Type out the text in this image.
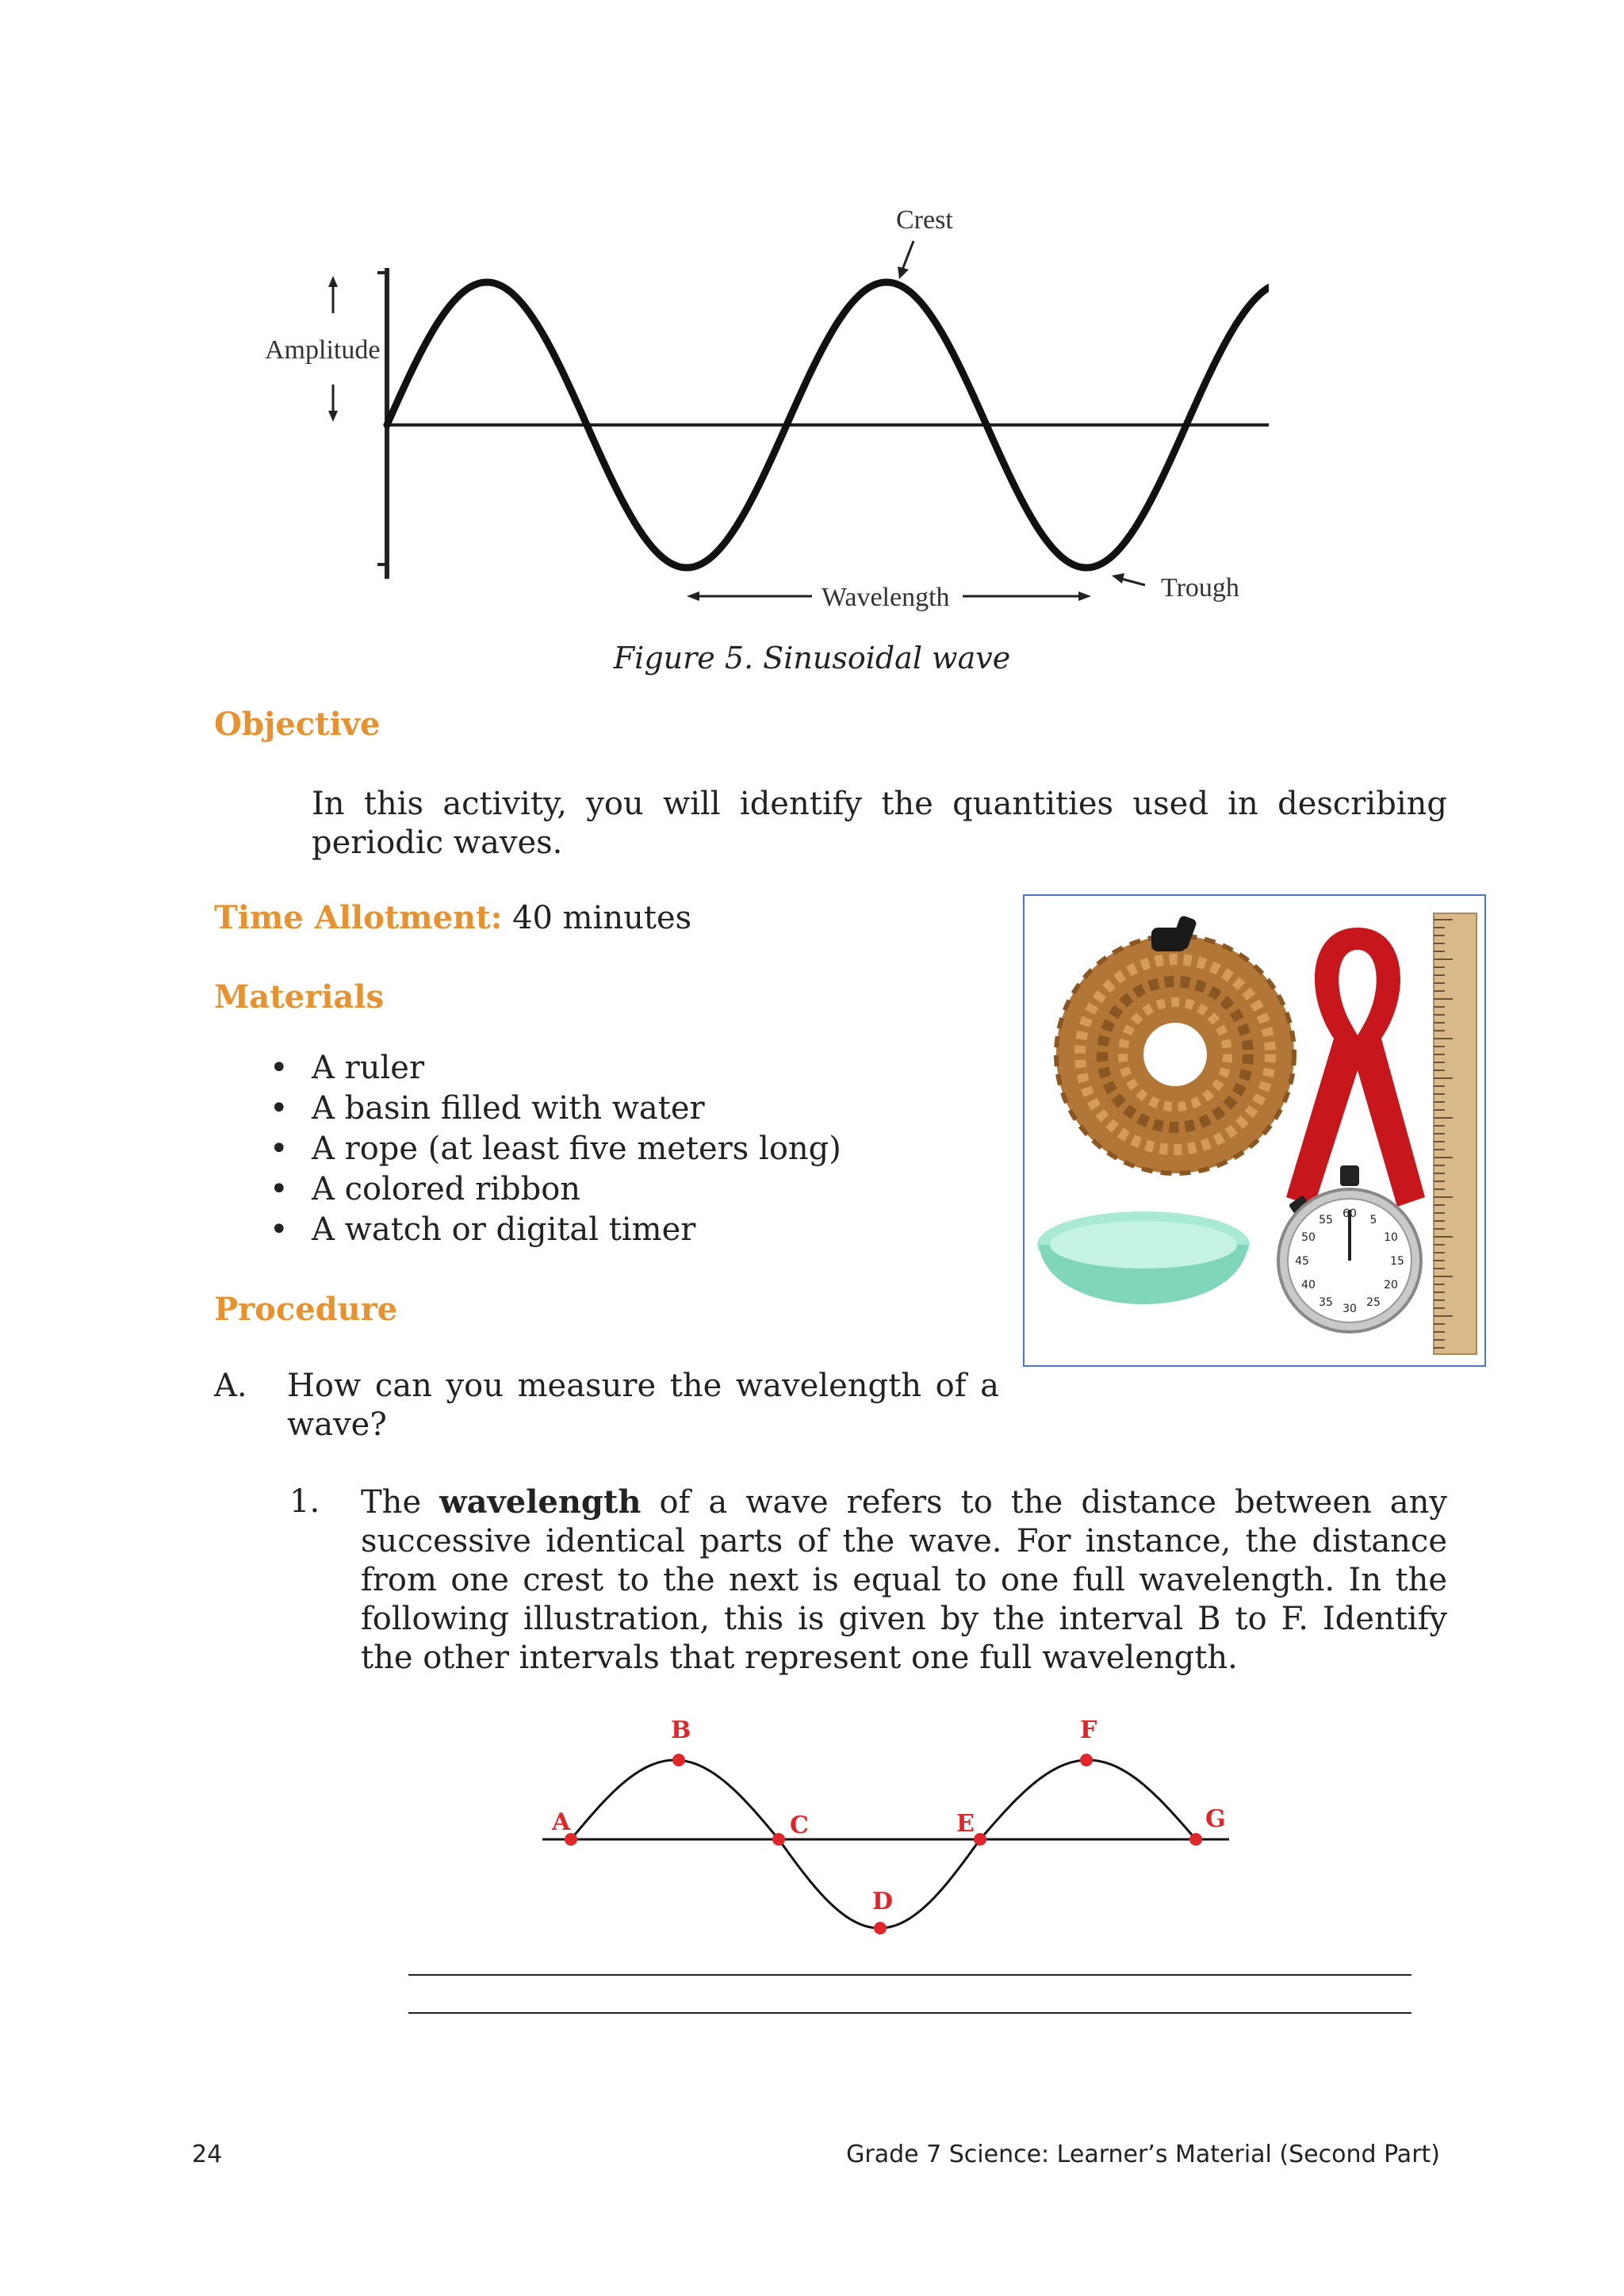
Amplitude
Crest
Wavelength	Trough
Figure 5. Sinusoidal wave
Objective
In this activity, you will identify the quantities used in describing periodic waves.
Time Allotment: 40 minutes
Materials
• A ruler
• A basin filled with water
• A rope (at least five meters long)
• A colored ribbon
• A watch or digital timer	60 5
10
15
20
25
30
35
40
45
50
55
Procedure
A. How can you measure the wavelength of a wave?
1. The wavelength of a wave refers to the distance between any successive identical parts of the wave. For instance, the distance from one crest to the next is equal to one full wavelength. In the following illustration, this is given by the interval B to F. Identify the other intervals that represent one full wavelength.
A
B
C
D
E
F
G
24	Grade 7 Science: Learner’s Material (Second Part)
